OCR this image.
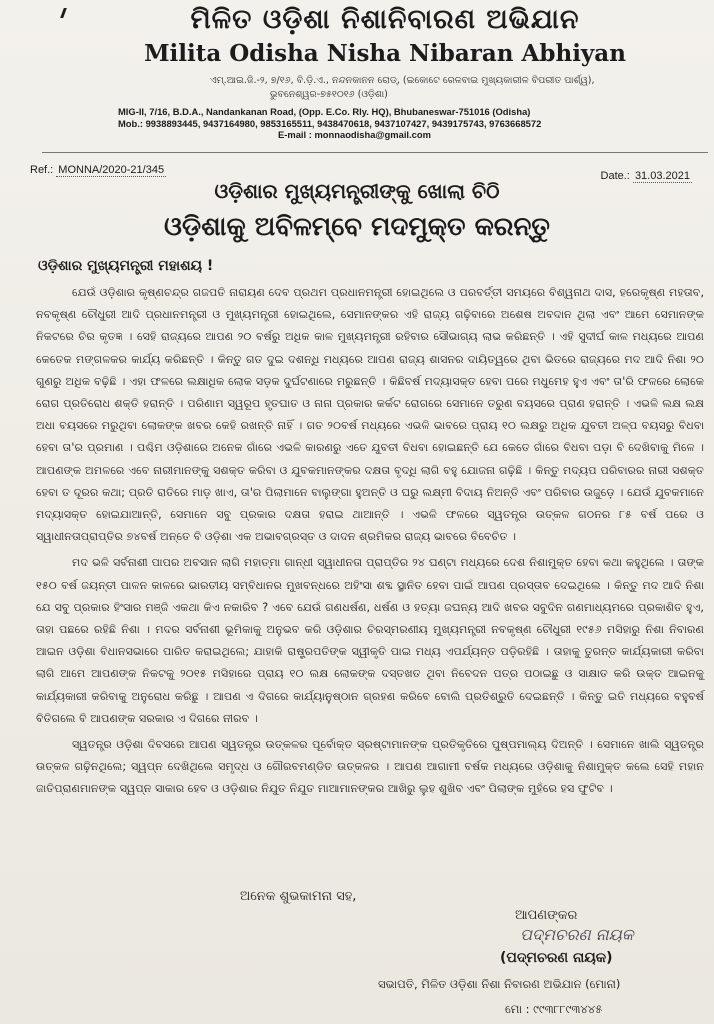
ମିଳିତ ଓଡ଼ିଶା ନିଶାନିବାରଣ ଅଭିଯାନ
Milita Odisha Nisha Nibaran Abhiyan
ଏମ୍.ଆଇ.ଜି.-୨, ୭/୧୬, ବି.ଡ଼ି.ଏ., ନନ୍ଦନକାନନ ରୋଡ୍, (ଇକୋଟେ ରେଳବାଇ ମୁଖ୍ୟକାରୀଳ ବିପରୀତ ପାର୍ଶ୍ୱ),
ଭୁବନେଶ୍ୱର-୭୫୧୦୧୬ (ଓଡ଼ିଶା)
MIG-II, 7/16, B.D.A., Nandankanan Road, (Opp. E.Co. Rly. HQ), Bhubaneswar-751016 (Odisha)
Mob.: 9938893445, 9437164980, 9853165511, 9438470618, 9437107427, 9439175743, 9763668572
E-mail : monnaodisha@gmail.com
Ref.: MONNA/2020-21/345	Date.: 31.03.2021
ଓଡ଼ିଶାର ମୁଖ୍ୟମନ୍ତ୍ରୀଙ୍କୁ ଖୋଲା ଚିଠି
ଓଡ଼ିଶାକୁ ଅବିଳମ୍ବେ ମଦମୁକ୍ତ କରନ୍ତୁ
ଓଡ଼ିଶାର ମୁଖ୍ୟମନ୍ତ୍ରୀ ମହାଶୟ !

ଯେଉଁ ଓଡ଼ିଶାର କୃଷ୍ଣଚନ୍ଦ୍ର ଗଜପତି ନାରାୟଣ ଦେବ ପ୍ରଥମ ପ୍ରଧାନମନ୍ତ୍ରୀ ହୋଇଥିଲେ ଓ ପରବର୍ତ୍ତୀ ସମୟରେ ବିଶ୍ୱନାଥ ଦାସ, ହରେକୃଷ୍ଣ ମହତାବ, ନବକୃଷ୍ଣ ଚୌଧୁରୀ ଆଦି ପ୍ରଧାନମନ୍ତ୍ରୀ ଓ ମୁଖ୍ୟମନ୍ତ୍ରୀ ହୋଇଥିଲେ, ସେମାନଙ୍କର ଏହି ରାଜ୍ୟ ଗଢ଼ିବାରେ ଅଶେଷ ଅବଦାନ ଥିଲା ଏବଂ ଆମେ ସେମାନଙ୍କ ନିକଟରେ ଚିର କୃତଜ୍ଞ । ସେହି ରାଜ୍ୟରେ ଆପଣ ୨୦ ବର୍ଷରୁ ଅଧିକ କାଳ ମୁଖ୍ୟମନ୍ତ୍ରୀ ରହିବାର ସୌଭାଗ୍ୟ ଲାଭ କରିଛନ୍ତି । ଏହି ସୁଦୀର୍ଘ କାଳ ମଧ୍ୟରେ ଆପଣ କେତେକ ମଙ୍ଗଳକର କାର୍ଯ୍ୟ କରିଛନ୍ତି । କିନ୍ତୁ ଗତ ଦୁଇ ଦଶନ୍ଧି ମଧ୍ୟରେ ଆପଣ ରାଜ୍ୟ ଶାସନର ଦାୟିତ୍ୱରେ ଥିବା ଭିତରେ ରାଜ୍ୟରେ ମଦ ଆଦି ନିଶା ୨୦ ଗୁଣରୁ ଅଧିକ ବଢ଼ିଛି । ଏହା ଫଳରେ ଲକ୍ଷାଧିକ ଲୋକ ସଡ଼କ ଦୁର୍ଘଟଣାରେ ମରୁଛନ୍ତି । କିଛିବର୍ଷ ମଦ୍ୟାସକ୍ତ ହେବା ପରେ ମଧୁମେହ ହୁଏ ଏବଂ ତା'ରି ଫଳରେ ଲୋକେ ରୋଗ ପ୍ରତିରୋଧ ଶକ୍ତି ହରାନ୍ତି । ପରିଣାମ ସ୍ୱରୂପ ହୃତଘାତ ଓ ନାନା ପ୍ରକାର କର୍କଟ ରୋଗରେ ସେମାନେ ତରୁଣ ବୟସରେ ପ୍ରାଣ ହରାନ୍ତି । ଏଭଳି ଲକ୍ଷ ଲକ୍ଷ ଅଧା ବୟସରେ ମରୁଥିବା ଲୋକଙ୍କ ଖବର କେହି ରଖନ୍ତି ନାହିଁ । ଗତ ୨୦ବର୍ଷ ମଧ୍ୟରେ ଏଭଳି ଭାବରେ ପ୍ରାୟ ୧୦ ଲକ୍ଷରୁ ଅଧିକ ଯୁବତୀ ଅଳ୍ପ ବୟସରୁ ବିଧବା ହେବା ତା'ର ପ୍ରମାଣ । ପଶ୍ଚିମ ଓଡ଼ିଶାରେ ଅନେକ ଗାଁରେ ଏଭଳି କାରଣରୁ ଏତେ ଯୁବତୀ ବିଧବା ହୋଇଛନ୍ତି ଯେ କେତେ ଗାଁରେ ବିଧବା ପଡ଼ା ବି ଦେଖିବାକୁ ମିଳେ । ଆପଣଙ୍କ ଅମଳରେ ଏବେ ନାରୀମାନଙ୍କୁ ସଶକ୍ତ କରିବା ଓ ଯୁବକମାନଙ୍କର ଦକ୍ଷତା ବୃଦ୍ଧି ଲାଗି ବହୁ ଯୋଜନା ଗଢ଼ିଛି । କିନ୍ତୁ ମଦ୍ୟପ ପରିବାରର ନାରୀ ସଶକ୍ତ ହେବା ତ ଦୂରର କଥା; ପ୍ରତି ରାତିରେ ମାଡ଼ ଖାଏ, ତା'ର ପିଲାମାନେ ବାଲୁଙ୍ଗା ହୁଅନ୍ତି ଓ ଘରୁ ଲକ୍ଷ୍ମୀ ବିଦାୟ ନିଅନ୍ତି ଏବଂ ପରିବାର ଉଜୁଡ଼େ । ଯେଉଁ ଯୁବକମାନେ ମଦ୍ୟାସକ୍ତ ହୋଇଯାଆନ୍ତି, ସେମାନେ ସବୁ ପ୍ରକାର ଦକ୍ଷତା ହରାଇ ଥାଆନ୍ତି । ଏଭଳି ଫଳରେ ସ୍ୱତନ୍ତ୍ର ଉତ୍କଳ ଗଠନର ୮୫ ବର୍ଷ ପରେ ଓ ସ୍ୱାଧୀନତାପ୍ରାପ୍ତିର ୭୪ବର୍ଷ ଅନ୍ତେ ବି ଓଡ଼ିଶା ଏକ ଅଭାବଗ୍ରସ୍ତ ଓ ଦାଦନ ଶ୍ରମିକର ରାଜ୍ୟ ଭାବରେ ବିବେଚିତ ।

ମଦ ଭଳି ସର୍ବନାଶୀ ପାପର ଅବସାନ ଲାଗି ମହାତ୍ମା ଗାନ୍ଧୀ ସ୍ୱାଧୀନତା ପ୍ରାପ୍ତିର ୨୪ ଘଣ୍ଟା ମଧ୍ୟରେ ଦେଶ ନିଶାମୁକ୍ତ ହେବା କଥା କହୁଥିଲେ । ତାଙ୍କ ୧୫୦ ବର୍ଷ ଜୟନ୍ତୀ ପାଳନ କାଳରେ ଭାରତୀୟ ସମ୍ବିଧାନର ମୁଖବନ୍ଧରେ ଅହିଂସା ଶବ୍ଦ ସ୍ଥାନିତ ହେବା ପାଇଁ ଆପଣ ପ୍ରସ୍ତାବ ଦେଇଥିଲେ । କିନ୍ତୁ ମଦ ଆଦି ନିଶା ଯେ ସବୁ ପ୍ରକାର ହିଂସାର ମଞ୍ଜି ଏକଥା କିଏ ନକାରିବ ? ଏବେ ଯେଉଁ ଗଣଧର୍ଷଣ, ଧର୍ଷଣ ଓ ହତ୍ୟା ଜଘନ୍ୟ ଆଦି ଖବର ସବୁଦିନ ଗଣମାଧ୍ୟମରେ ପ୍ରକାଶିତ ହୁଏ, ତାହା ପଛରେ ରହିଛି ନିଶା । ମଦର ସର୍ବନାଶୀ ଭୂମିକାକୁ ଅନୁଭବ କରି ଓଡ଼ିଶାର ଚିରସ୍ମରଣୀୟ ମୁଖ୍ୟମନ୍ତ୍ରୀ ନବକୃଷ୍ଣ ଚୌଧୁରୀ ୧୯୫୬ ମସିହାରୁ ନିଶା ନିବାରଣ ଆଇନ ଓଡ଼ିଶା ବିଧାନସଭାରେ ପାରିତ କରାଇଥିଲେ; ଯାହାକି ରାଷ୍ଟ୍ରପତିଙ୍କ ସ୍ୱୀକୃତି ପାଇ ମଧ୍ୟ ଏପର୍ଯ୍ୟନ୍ତ ପଡ଼ିରହିଛି । ତାହାକୁ ତୁରନ୍ତ କାର୍ଯ୍ୟକାରୀ କରିବା ଲାଗି ଆମେ ଆପଣଙ୍କ ନିକଟକୁ ୨୦୧୫ ମସିହାରେ ପ୍ରାୟ ୧୦ ଲକ୍ଷ ଲୋକଙ୍କ ଦସ୍ତଖତ ଥିବା ନିବେଦନ ପତ୍ର ପଠାଇଛୁ ଓ ସାକ୍ଷାତ କରି ଉକ୍ତ ଆଇନକୁ କାର୍ଯ୍ୟକାରୀ କରିବାକୁ ଅନୁରୋଧ କରିଛୁ । ଆପଣ ଏ ଦିଗରେ କାର୍ଯ୍ୟାନୁଷ୍ଠାନ ଗ୍ରହଣ କରିବେ ବୋଲି ପ୍ରତିଶ୍ରୁତି ଦେଇଛନ୍ତି । କିନ୍ତୁ ଇତି ମଧ୍ୟରେ ବହୁବର୍ଷ ବିତିଗଲେ ବି ଆପଣଙ୍କ ସରକାର ଏ ଦିଗରେ ନୀରବ ।

ସ୍ୱତନ୍ତ୍ର ଓଡ଼ିଶା ଦିବସରେ ଆପଣ ସ୍ୱତନ୍ତ୍ର ଉତ୍କଳର ପୂର୍ବୋକ୍ତ ସ୍ରଷ୍ଟାମାନଙ୍କ ପ୍ରତିକୃତିରେ ପୁଷ୍ପମାଲ୍ୟ ଦିଅନ୍ତି । ସେମାନେ ଖାଲି ସ୍ୱତନ୍ତ୍ର ଉତ୍କଳ ଗଢ଼ିନଥିଲେ; ସ୍ୱପ୍ନ ଦେଖିଥିଲେ ସମୃଦ୍ଧ ଓ ଗୌରବମଣ୍ଡିତ ଉତ୍କଳର । ଆପଣ ଆଗାମୀ ବର୍ଷକ ମଧ୍ୟରେ ଓଡ଼ିଶାକୁ ନିଶାମୁକ୍ତ କଲେ ସେହି ମହାନ ଜାତିପ୍ରାଣମାନଙ୍କ ସ୍ୱପ୍ନ ସାକାର ହେବ ଓ ଓଡ଼ିଶାର ନିଯୁତ ନିଯୁତ ମାଆମାନଙ୍କର ଆଖିରୁ ଲୁହ ଶୁଖିବ ଏବଂ ପିଲାଙ୍କ ମୁହଁରେ ହସ ଫୁଟିବ ।

ଅନେକ ଶୁଭକାମନା ସହ,
ଆପଣଙ୍କର
ପଦ୍ମଚରଣ ନାୟକ
(ପଦ୍ମଚରଣ ନାୟକ)
ସଭାପତି, ମିଳିତ ଓଡ଼ିଶା ନିଶା ନିବାରଣ ଅଭିଯାନ (ମୋନା)
ମୋ : ୯୯୩୮୮୯୩୪୪୫
